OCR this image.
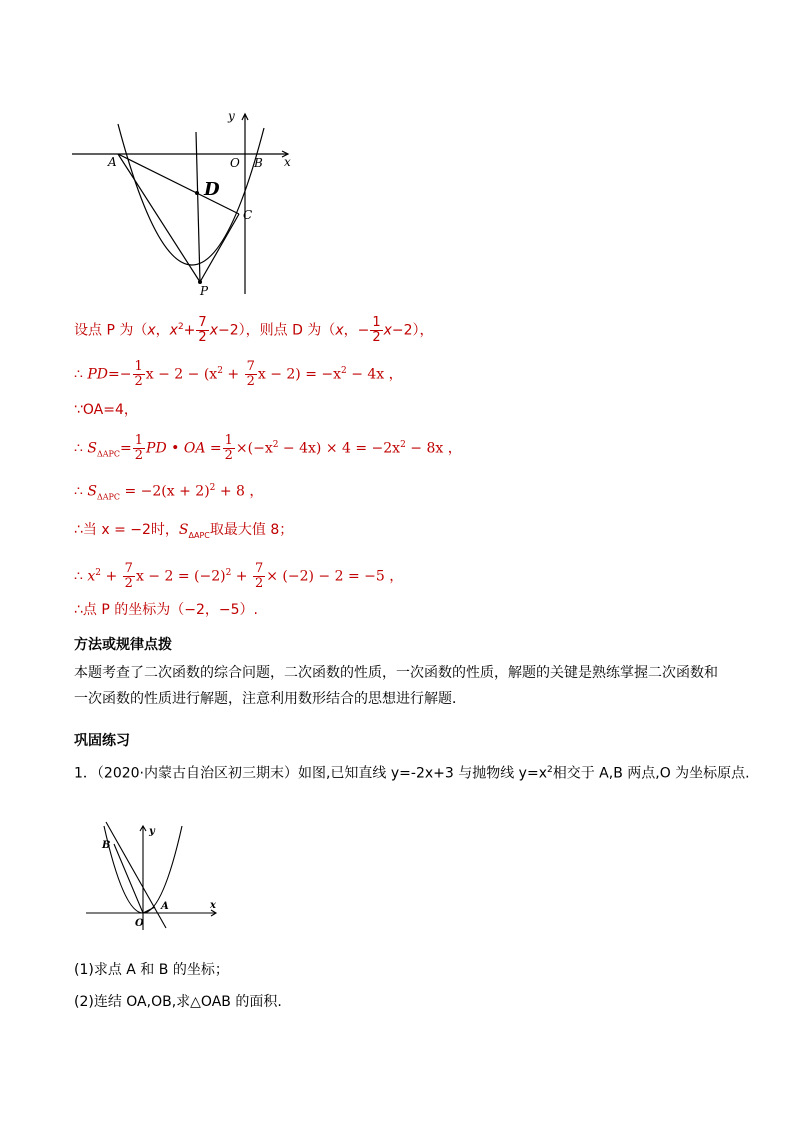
y
x
A	O B
C
P
D
设点 P 为（x，$x^2+ \frac{7}{2} x-2$），则点 D 为（x，− $\frac{1}{2} x-2$），
∴ $PD=- \frac{1}{2}$ $x - 2 - (x^2 + \frac{7}{2}$ $x - 2) = -x^2 - 4x$ ，
∵OA=4，
∴ $S_{\Delta APC}= \frac{1}{2}$ PD • OA = $\frac{1}{2} \times(-x^2 - 4x) \times 4 = -2x^2 - 8x$ ，
∴ $S_{\Delta APC} = -2(x + 2)^2 + 8$ ，
∴当 x = −2时，$S_{\Delta APC}$取最大值 8；
∴ $x^2 + \frac{7}{2}$ $x - 2 = (-2)^2 + \frac{7}{2} \times (-2) - 2 = -5$ ，
∴点 P 的坐标为（−2，−5）.
方法或规律点拨
本题考查了二次函数的综合问题，二次函数的性质，一次函数的性质，解题的关键是熟练掌握二次函数和
一次函数的性质进行解题，注意利用数形结合的思想进行解题．
巩固练习
1．（2020·内蒙古自治区初三期末）如图,已知直线 y=-2x+3 与抛物线 $y=x^2$相交于 A,B 两点,O 为坐标原点.
y
x
B
A
O
(1)求点 A 和 B 的坐标；
(2)连结 OA,OB,求△OAB 的面积.
